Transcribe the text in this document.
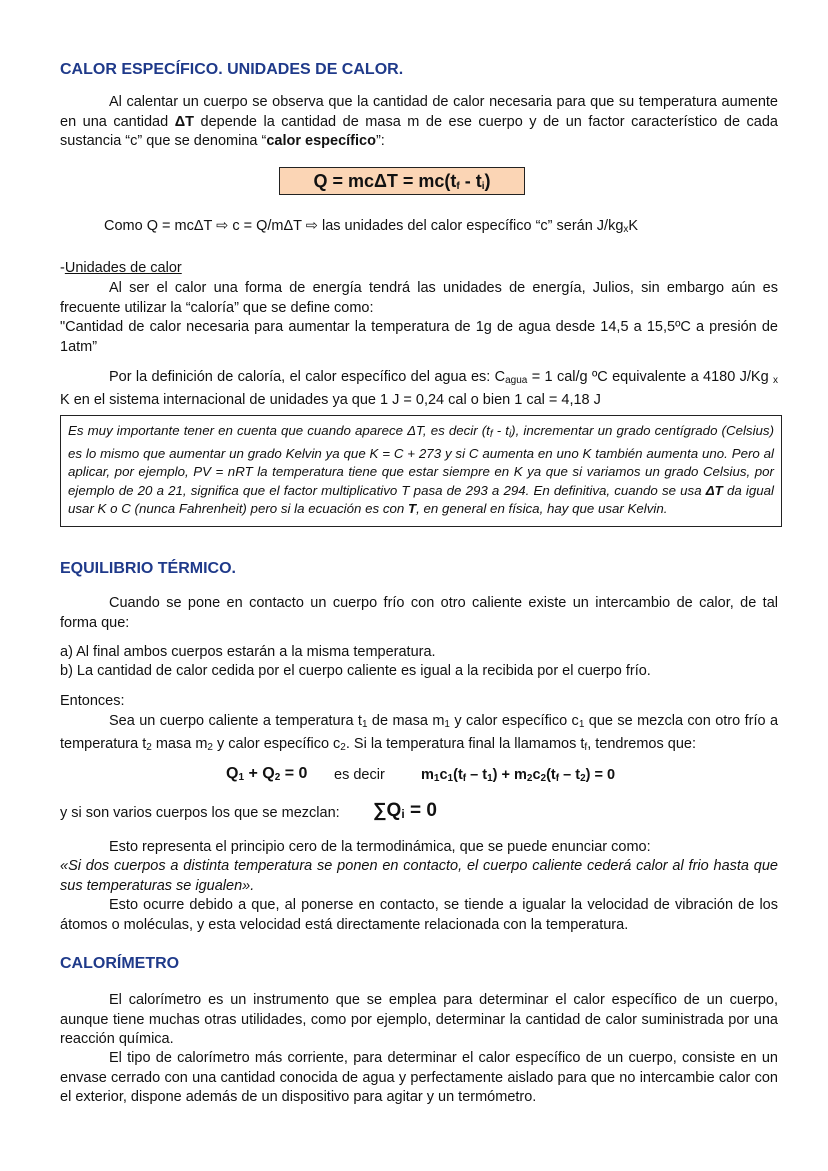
CALOR ESPECÍFICO. UNIDADES DE CALOR.

Al calentar un cuerpo se observa que la cantidad de calor necesaria para que su temperatura aumente en una cantidad ΔT depende la cantidad de masa m de ese cuerpo y de un factor característico de cada sustancia “c” que se denomina “calor específico”:

$Q = mc\Delta T = mc(t_f - t_i)$
Como Q = mcΔT ⇨ c = Q/mΔT ⇨ las unidades del calor específico “c” serán $J/kg_xK$
-Unidades de calor

Al ser el calor una forma de energía tendrá las unidades de energía, Julios, sin embargo aún es frecuente utilizar la “caloría” que se define como:

"Cantidad de calor necesaria para aumentar la temperatura de 1g de agua desde 14,5 a 15,5ºC a presión de 1atm”

Por la definición de caloría, el calor específico del agua es: $C_{agua} = 1$ cal/g ºC equivalente a 4180 J/Kg $_x$ K en el sistema internacional de unidades ya que 1 J = 0,24 cal o bien 1 cal = 4,18 J

Es muy importante tener en cuenta que cuando aparece ΔT, es decir $(t_f - t_i)$, incrementar un grado centígrado (Celsius) es lo mismo que aumentar un grado Kelvin ya que K = C + 273 y si C aumenta en uno K también aumenta uno. Pero al aplicar, por ejemplo, PV = nRT la temperatura tiene que estar siempre en K ya que si variamos un grado Celsius, por ejemplo de 20 a 21, significa que el factor multiplicativo T pasa de 293 a 294. En definitiva, cuando se usa ΔT da igual usar K o C (nunca Fahrenheit) pero si la ecuación es con T, en general en física, hay que usar Kelvin.
EQUILIBRIO TÉRMICO.

Cuando se pone en contacto un cuerpo frío con otro caliente existe un intercambio de calor, de tal forma que:

a) Al final ambos cuerpos estarán a la misma temperatura.

b) La cantidad de calor cedida por el cuerpo caliente es igual a la recibida por el cuerpo frío.

Entonces:

Sea un cuerpo caliente a temperatura $t_1$ de masa $m_1$ y calor específico $c_1$ que se mezcla con otro frío a temperatura $t_2$ masa $m_2$ y calor específico $c_2$. Si la temperatura final la llamamos $t_f$, tendremos que:

$Q_1 + Q_2 = 0$ es decir $m_1c_1(t_f - t_1) + m_2c_2(t_f - t_2) = 0$
y si son varios cuerpos los que se mezclan: $\sum Q_i = 0$

Esto representa el principio cero de la termodinámica, que se puede enunciar como:

«Si dos cuerpos a distinta temperatura se ponen en contacto, el cuerpo caliente cederá calor al frio hasta que sus temperaturas se igualen».

Esto ocurre debido a que, al ponerse en contacto, se tiende a igualar la velocidad de vibración de los átomos o moléculas, y esta velocidad está directamente relacionada con la temperatura.

CALORÍMETRO

El calorímetro es un instrumento que se emplea para determinar el calor específico de un cuerpo, aunque tiene muchas otras utilidades, como por ejemplo, determinar la cantidad de calor suministrada por una reacción química.

El tipo de calorímetro más corriente, para determinar el calor específico de un cuerpo, consiste en un envase cerrado con una cantidad conocida de agua y perfectamente aislado para que no intercambie calor con el exterior, dispone además de un dispositivo para agitar y un termómetro.
